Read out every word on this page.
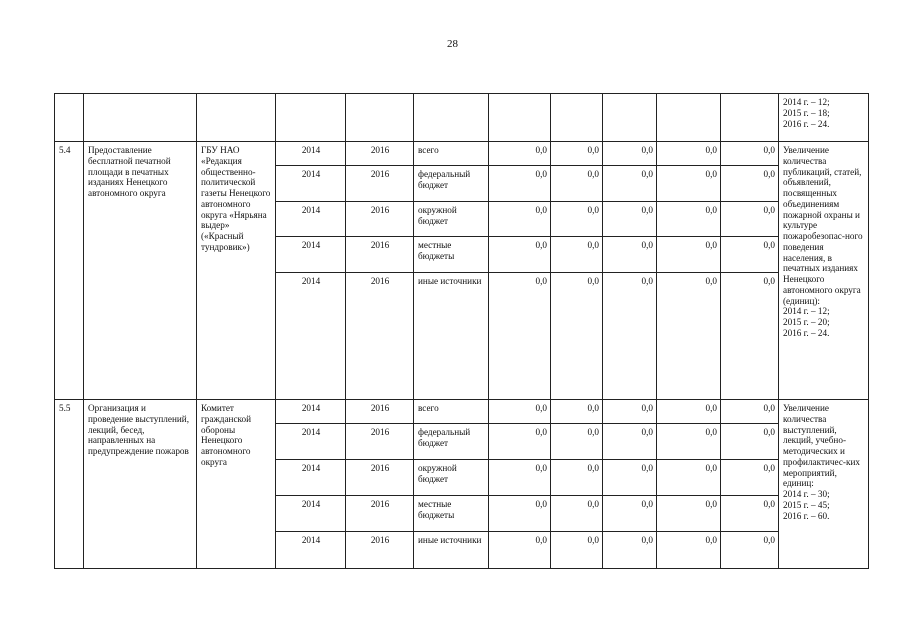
28

											2014 г. – 12;
2015 г. – 18;
2016 г. – 24.

5.4	Предоставление бесплатной печатной площади в печатных изданиях Ненецкого автономного округа	ГБУ НАО «Редакция общественно-политической газеты Ненецкого автономного округа «Нярьяна выдер» («Красный тундровик»)	2014	2016	всего	0,0	0,0	0,0	0,0	0,0	Увеличение количества публикаций, статей, объявлений, посвященных объединениям пожарной охраны и культуре пожаробезопас-ного поведения населения, в печатных изданиях Ненецкого автономного округа (единиц):
2014 г. – 12;
2015 г. – 20;
2016 г. – 24.

			2014	2016	федеральный бюджет	0,0	0,0	0,0	0,0	0,0	
			2014	2016	окружной бюджет	0,0	0,0	0,0	0,0	0,0	
			2014	2016	местные бюджеты	0,0	0,0	0,0	0,0	0,0	
			2014	2016	иные источники	0,0	0,0	0,0	0,0	0,0	
5.5	Организация и проведение выступлений, лекций, бесед, направленных на предупреждение пожаров	Комитет гражданской обороны Ненецкого автономного округа	2014	2016	всего	0,0	0,0	0,0	0,0	0,0	Увеличение количества выступлений, лекций, учебно-методических и профилактичес-ких мероприятий, единиц:
2014 г. – 30;
2015 г. – 45;
2016 г. – 60.

			2014	2016	федеральный бюджет	0,0	0,0	0,0	0,0	0,0	
			2014	2016	окружной бюджет	0,0	0,0	0,0	0,0	0,0	
			2014	2016	местные бюджеты	0,0	0,0	0,0	0,0	0,0	
			2014	2016	иные источники	0,0	0,0	0,0	0,0	0,0	
